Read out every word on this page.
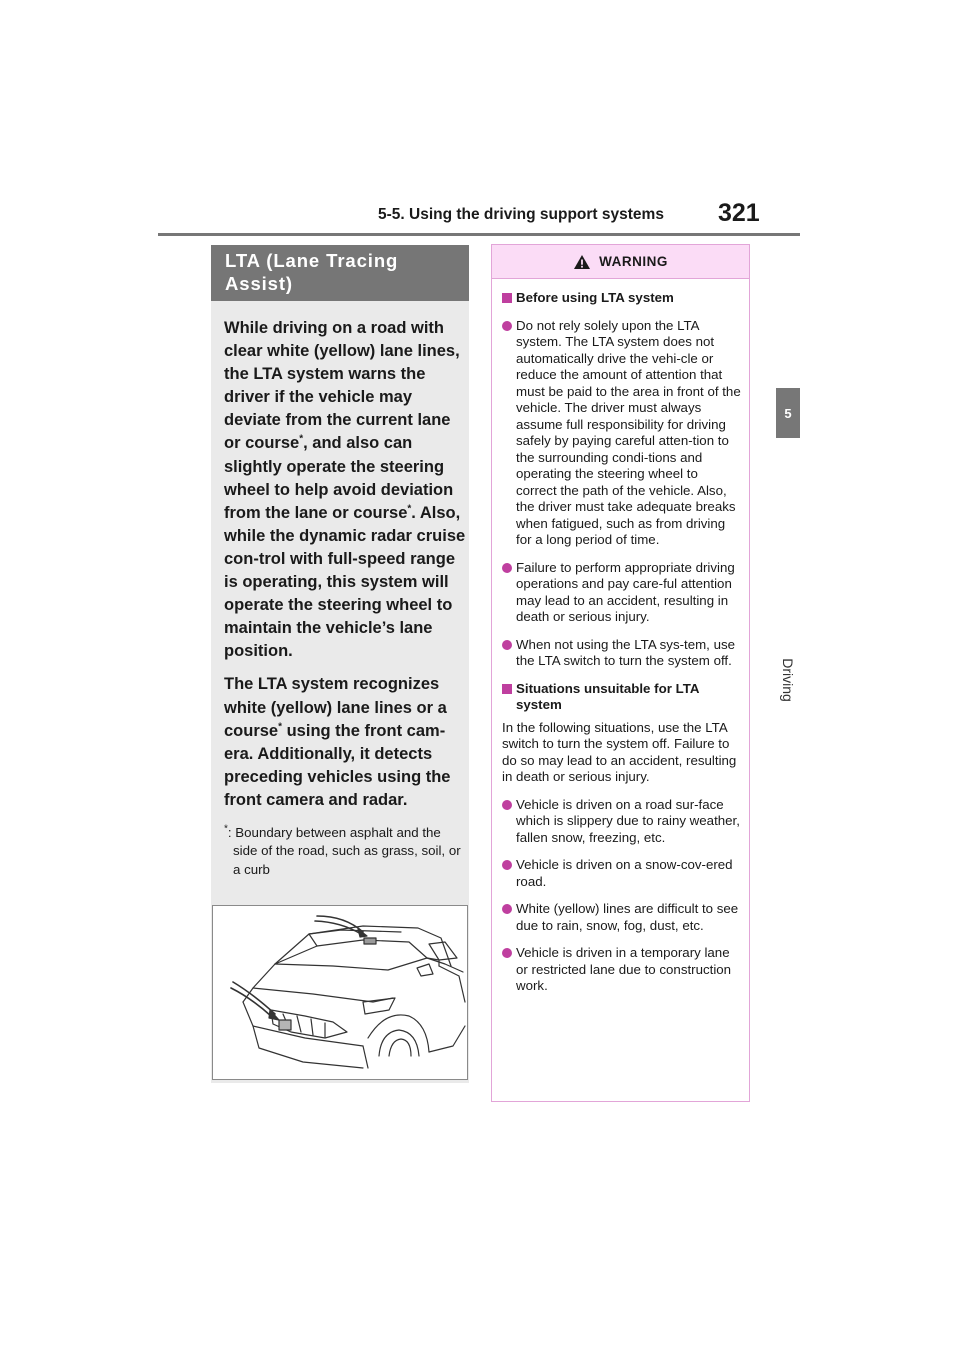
5-5. Using the driving support systems 321
5
Driving
LTA (Lane Tracing
Assist)

While driving on a road with clear white (yellow) lane lines, the LTA system warns the driver if the vehicle may deviate from the current lane or course*, and also can slightly operate the steering wheel to help avoid deviation from the lane or course*. Also, while the dynamic radar cruise con-trol with full-speed range is operating, this system will operate the steering wheel to maintain the vehicle’s lane position.

The LTA system recognizes white (yellow) lane lines or a course* using the front cam-era. Additionally, it detects preceding vehicles using the front camera and radar.

*: Boundary between asphalt and the side of the road, such as grass, soil, or a curb

WARNING
Before using LTA system
Do not rely solely upon the LTA system. The LTA system does not automatically drive the vehi-cle or reduce the amount of attention that must be paid to the area in front of the vehicle. The driver must always assume full responsibility for driving safely by paying careful atten-tion to the surrounding condi-tions and operating the steering wheel to correct the path of the vehicle. Also, the driver must take adequate breaks when fatigued, such as from driving for a long period of time.
Failure to perform appropriate driving operations and pay care-ful attention may lead to an accident, resulting in death or serious injury.
When not using the LTA sys-tem, use the LTA switch to turn the system off.
Situations unsuitable for LTA system
In the following situations, use the LTA switch to turn the system off. Failure to do so may lead to an accident, resulting in death or serious injury.
Vehicle is driven on a road sur-face which is slippery due to rainy weather, fallen snow, freezing, etc.
Vehicle is driven on a snow-cov-ered road.
White (yellow) lines are difficult to see due to rain, snow, fog, dust, etc.
Vehicle is driven in a temporary lane or restricted lane due to construction work.
